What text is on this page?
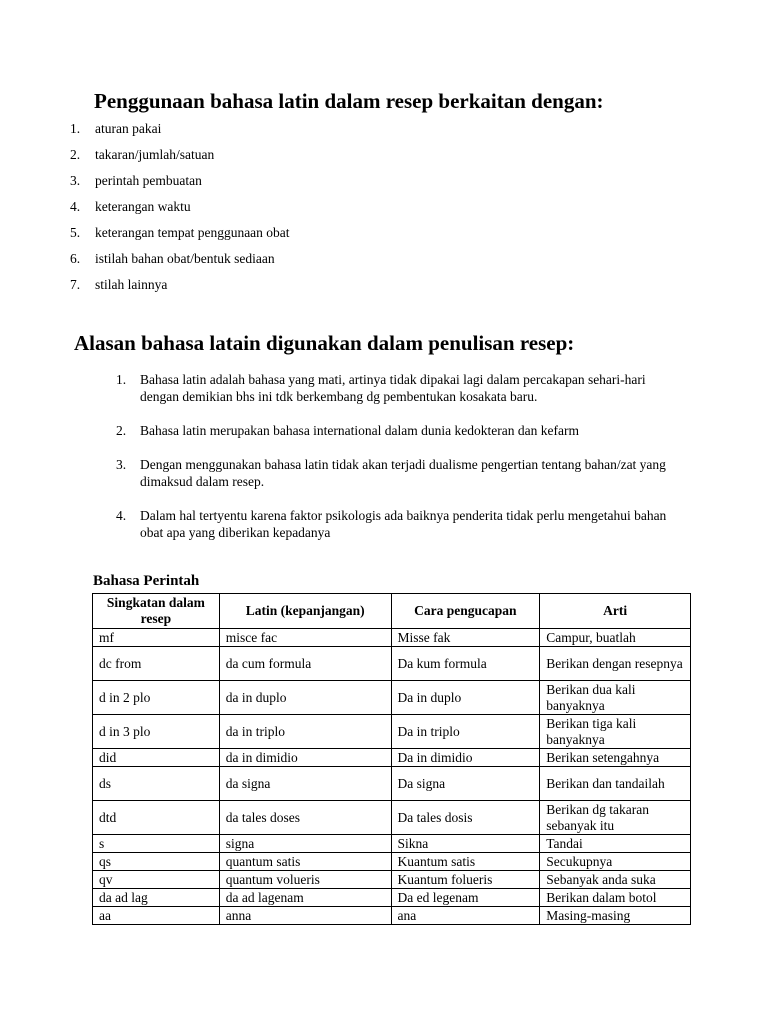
Penggunaan bahasa latin dalam resep berkaitan dengan:
1.	aturan pakai
2.	takaran/jumlah/satuan
3.	perintah pembuatan
4.	keterangan waktu
5.	keterangan tempat penggunaan obat
6.	istilah bahan obat/bentuk sediaan
7.	stilah lainnya
Alasan bahasa latain digunakan dalam penulisan resep:
1.	Bahasa latin adalah bahasa yang mati, artinya tidak dipakai lagi dalam percakapan sehari-hari dengan demikian bhs ini tdk berkembang dg pembentukan kosakata baru.
2.	Bahasa latin merupakan bahasa international dalam dunia kedokteran dan kefarm
3.	Dengan menggunakan bahasa latin tidak akan terjadi dualisme pengertian tentang bahan/zat yang dimaksud dalam resep.
4.	Dalam hal tertyentu karena faktor psikologis ada baiknya penderita tidak perlu mengetahui bahan obat apa yang diberikan kepadanya
Bahasa Perintah
Singkatan dalam resep	Latin (kepanjangan)	Cara pengucapan	Arti
mf	misce fac	Misse fak	Campur, buatlah
dc from	da cum formula	Da kum formula	Berikan dengan resepnya
d in 2 plo	da in duplo	Da in duplo	Berikan dua kali banyaknya
d in 3 plo	da in triplo	Da in triplo	Berikan tiga kali banyaknya
did	da in dimidio	Da in dimidio	Berikan setengahnya
ds	da signa	Da signa	Berikan dan tandailah
dtd	da tales doses	Da tales dosis	Berikan dg takaran sebanyak itu
s	signa	Sikna	Tandai
qs	quantum satis	Kuantum satis	Secukupnya
qv	quantum volueris	Kuantum folueris	Sebanyak anda suka
da ad lag	da ad lagenam	Da ed legenam	Berikan dalam botol
aa	anna	ana	Masing-masing
